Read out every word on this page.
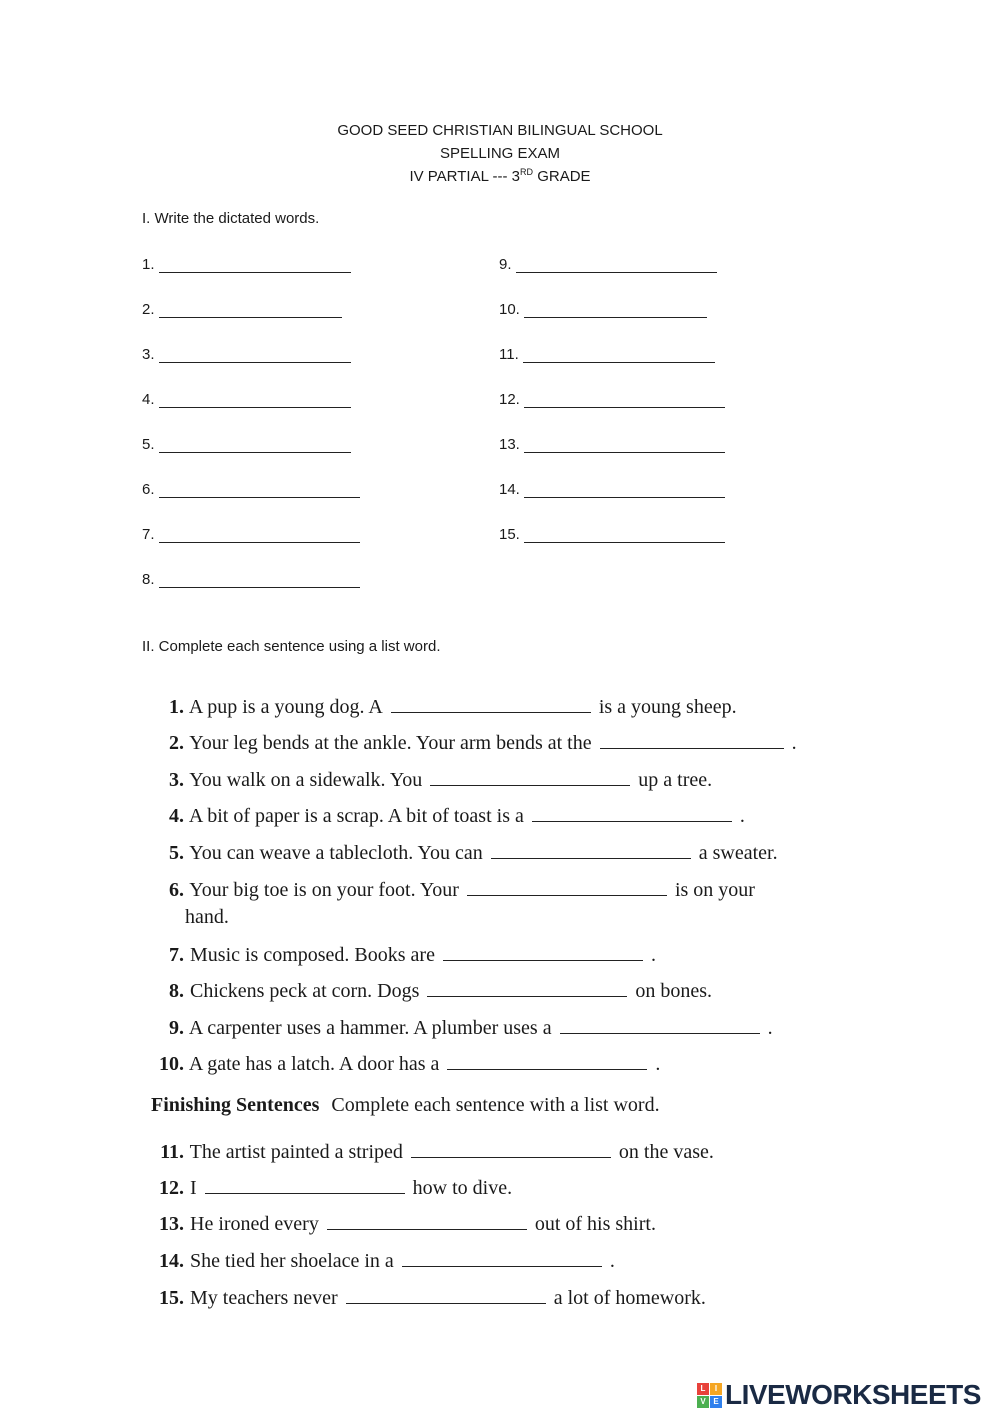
GOOD SEED CHRISTIAN BILINGUAL SCHOOL
SPELLING EXAM
IV PARTIAL --- 3RD GRADE
I. Write the dictated words.
1.
2.
3.
4.
5.
6.
7.
8.
9.
10.
11.
12.
13.
14.
15.
II. Complete each sentence using a list word.
1. A pup is a young dog. A	is a young sheep.
2. Your leg bends at the ankle. Your arm bends at the	.
3. You walk on a sidewalk. You	up a tree.
4. A bit of paper is a scrap. A bit of toast is a	.
5. You can weave a tablecloth. You can	a sweater.
6. Your big toe is on your foot. Your	is on your
hand.
7. Music is composed. Books are	.
8. Chickens peck at corn. Dogs	on bones.
9. A carpenter uses a hammer. A plumber uses a	.
10. A gate has a latch. A door has a	.
Finishing Sentences Complete each sentence with a list word.
11. The artist painted a striped	on the vase.
12. I	how to dive.
13. He ironed every	out of his shirt.
14. She tied her shoelace in a	.
15. My teachers never	a lot of homework.
L	I
V E LIVEWORKSHEETS
